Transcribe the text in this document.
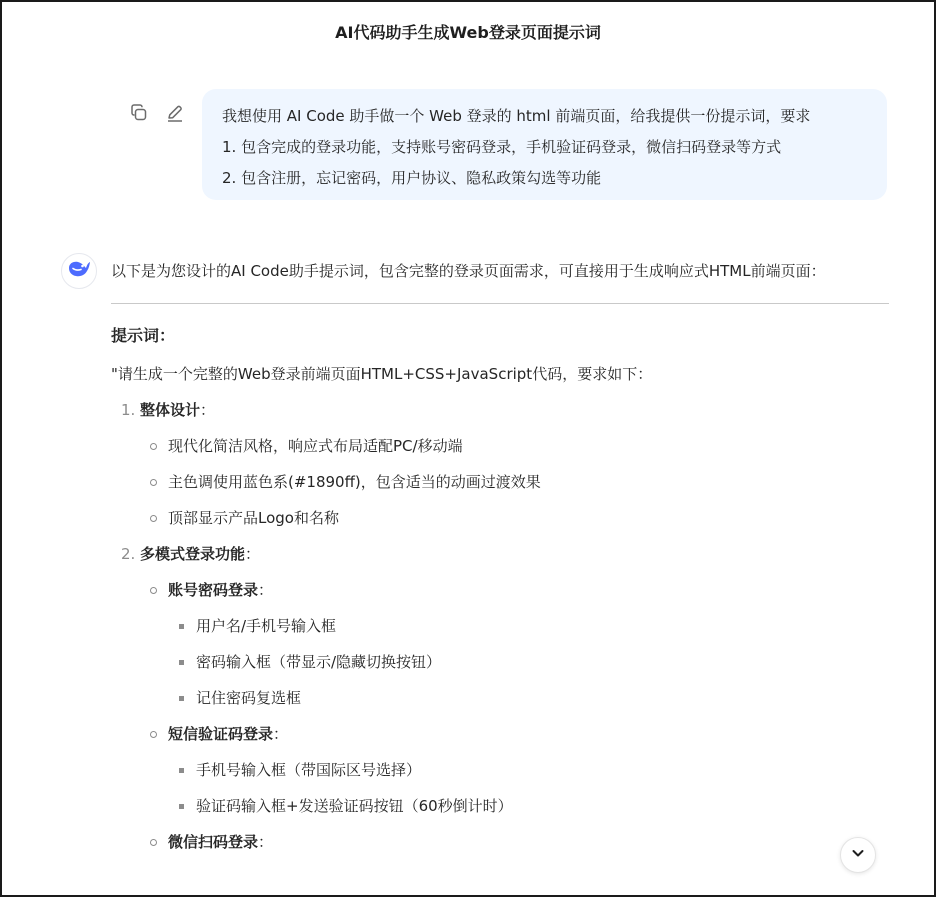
AI代码助手生成Web登录页面提示词
我想使用 AI Code 助手做一个 Web 登录的 html 前端页面，给我提供一份提示词，要求
1. 包含完成的登录功能，支持账号密码登录，手机验证码登录，微信扫码登录等方式
2. 包含注册，忘记密码，用户协议、隐私政策勾选等功能

以下是为您设计的AI Code助手提示词，包含完整的登录页面需求，可直接用于生成响应式HTML前端页面：

提示词：
"请生成一个完整的Web登录前端页面HTML+CSS+JavaScript代码，要求如下：
1. 整体设计：
现代化简洁风格，响应式布局适配PC/移动端
主色调使用蓝色系(#1890ff)，包含适当的动画过渡效果
顶部显示产品Logo和名称
2. 多模式登录功能：
账号密码登录：
用户名/手机号输入框
密码输入框（带显示/隐藏切换按钮）
记住密码复选框
短信验证码登录：
手机号输入框（带国际区号选择）
验证码输入框+发送验证码按钮（60秒倒计时）
微信扫码登录：
